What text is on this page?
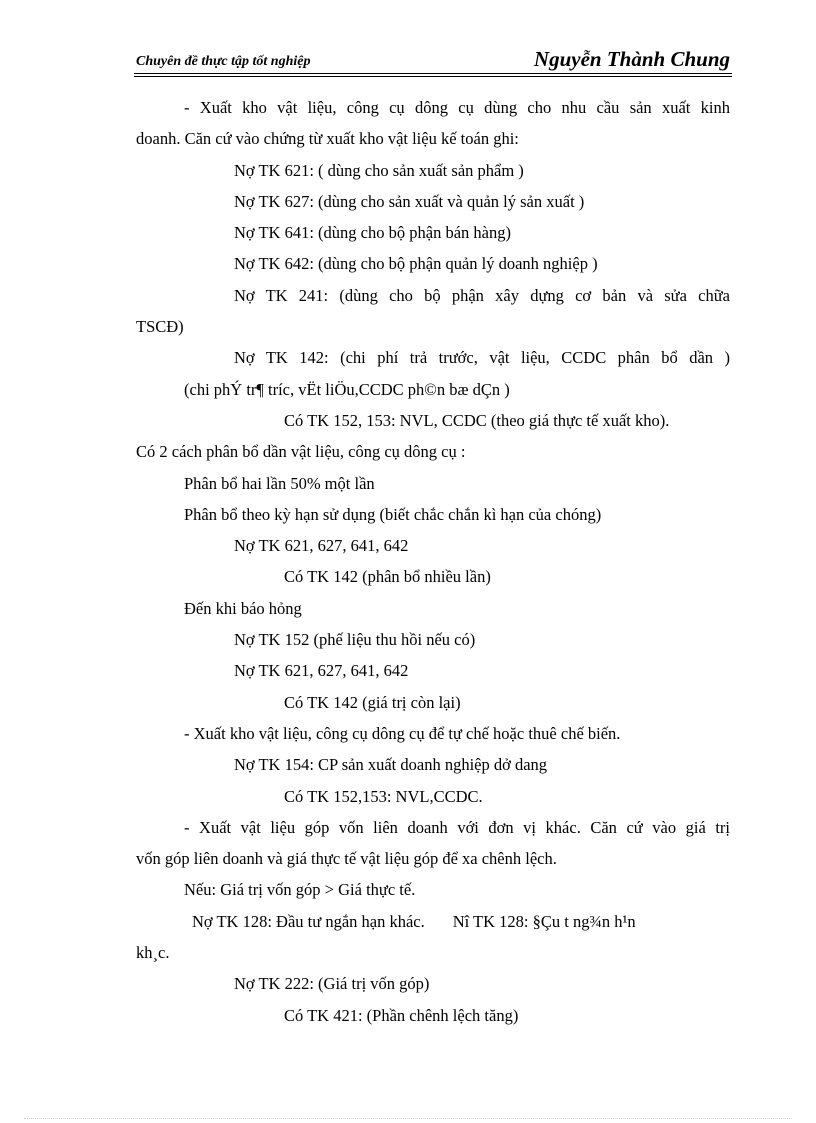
Chuyên đề thực tập tốt nghiệp	Nguyễn Thành Chung
- Xuất kho vật liệu, công cụ dông cụ dùng cho nhu cầu sản xuất kinh
doanh. Căn cứ vào chứng từ xuất kho vật liệu kế toán ghi:
Nợ TK 621: ( dùng cho sản xuất sản phẩm )
Nợ TK 627: (dùng cho sản xuất và quản lý sản xuất )
Nợ TK 641: (dùng cho bộ phận bán hàng)
Nợ TK 642: (dùng cho bộ phận quản lý doanh nghiệp )
Nợ TK 241: (dùng cho bộ phận xây dựng cơ bản và sửa chữa
TSCĐ)
Nợ TK 142: (chi phí trả trước, vật liệu, CCDC phân bổ dần )
(chi phÝ tr¶ tríc, vËt liÖu,CCDC ph©n bæ dÇn )
Có TK 152, 153: NVL, CCDC (theo giá thực tế xuất kho).
Có 2 cách phân bổ dần vật liệu, công cụ dông cụ :
Phân bổ hai lần 50% một lần
Phân bổ theo kỳ hạn sử dụng (biết chắc chắn kì hạn của chóng)
Nợ TK 621, 627, 641, 642
Có TK 142 (phân bổ nhiều lần)
Đến khi báo hỏng
Nợ TK 152 (phế liệu thu hồi nếu có)
Nợ TK 621, 627, 641, 642
Có TK 142 (giá trị còn lại)
- Xuất kho vật liệu, công cụ dông cụ để tự chế hoặc thuê chế biến.
Nợ TK 154: CP sản xuất doanh nghiệp dở dang
Có TK 152,153: NVL,CCDC.
- Xuất vật liệu góp vốn liên doanh với đơn vị khác. Căn cứ vào giá trị
vốn góp liên doanh và giá thực tế vật liệu góp để xa chênh lệch.
Nếu: Giá trị vốn góp > Giá thực tế.
Nợ TK 128: Đầu tư ngắn hạn khác. Nî TK 128: §Çu t ng¾n h¹n
kh¸c.
Nợ TK 222: (Giá trị vốn góp)
Có TK 421: (Phần chênh lệch tăng)
